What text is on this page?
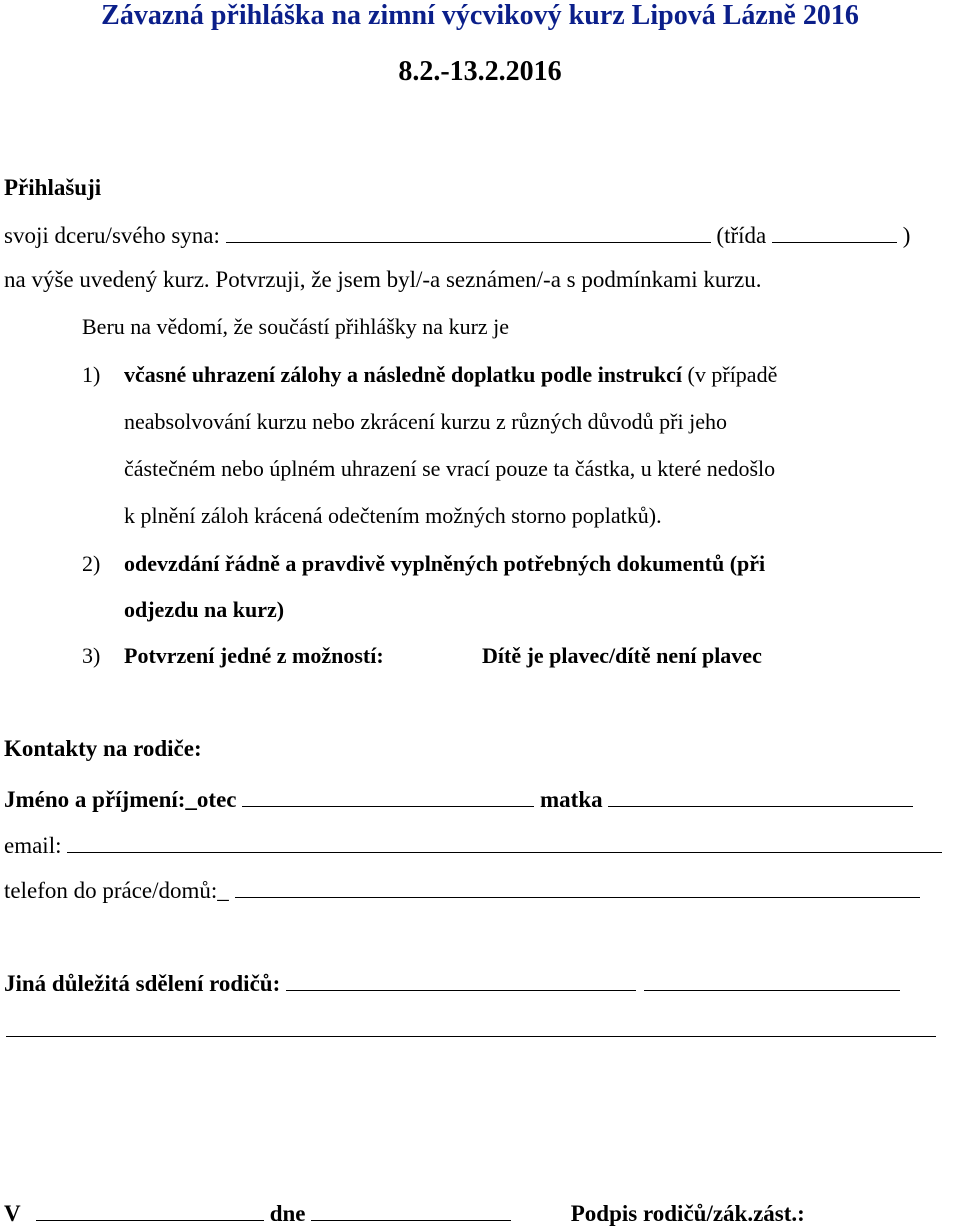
Závazná přihláška na zimní výcvikový kurz Lipová Lázně 2016
8.2.-13.2.2016
Přihlašuji
svoji dceru/svého syna:	(třída	)
na výše uvedený kurz. Potvrzuji, že jsem byl/-a seznámen/-a s podmínkami kurzu.
Beru na vědomí, že součástí přihlášky na kurz je
1) včasné uhrazení zálohy a následně doplatku podle instrukcí (v případě
neabsolvování kurzu nebo zkrácení kurzu z různých důvodů při jeho
částečném nebo úplném uhrazení se vrací pouze ta částka, u které nedošlo
k plnění záloh krácená odečtením možných storno poplatků).
2) odevzdání řádně a pravdivě vyplněných potřebných dokumentů (při
odjezdu na kurz)
3) Potvrzení jedné z možností:	Dítě je plavec/dítě není plavec
Kontakty na rodiče:
Jméno a příjmení:_otec	matka
email:
telefon do práce/domů:_
Jiná důležitá sdělení rodičů:
V	dne	Podpis rodičů/zák.zást.:
